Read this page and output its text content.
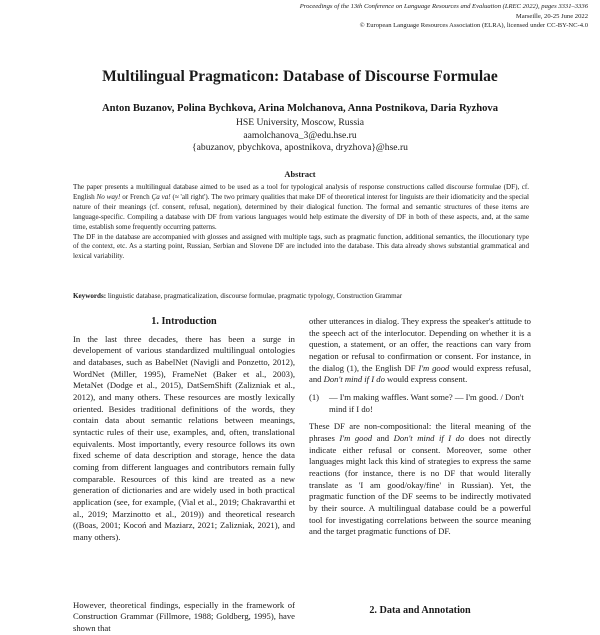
Proceedings of the 13th Conference on Language Resources and Evaluation (LREC 2022), pages 3331–3336
Marseille, 20-25 June 2022
© European Language Resources Association (ELRA), licensed under CC-BY-NC-4.0
Multilingual Pragmaticon: Database of Discourse Formulae
Anton Buzanov, Polina Bychkova, Arina Molchanova, Anna Postnikova, Daria Ryzhova
HSE University, Moscow, Russia
aamolchanova_3@edu.hse.ru
{abuzanov, pbychkova, apostnikova, dryzhova}@hse.ru
Abstract

The paper presents a multilingual database aimed to be used as a tool for typological analysis of response constructions called discourse formulae (DF), cf. English No way! or French Ça va! (≈ 'all right'). The two primary qualities that make DF of theoretical interest for linguists are their idiomaticity and the special nature of their meanings (cf. consent, refusal, negation), determined by their dialogical function. The formal and semantic structures of these items are language-specific. Compiling a database with DF from various languages would help estimate the diversity of DF in both of these aspects, and, at the same time, establish some frequently occurring patterns.

The DF in the database are accompanied with glosses and assigned with multiple tags, such as pragmatic function, additional semantics, the illocutionary type of the context, etc. As a starting point, Russian, Serbian and Slovene DF are included into the database. This data already shows substantial grammatical and lexical variability.

Keywords: linguistic database, pragmaticalization, discourse formulae, pragmatic typology, Construction Grammar
1. Introduction

In the last three decades, there has been a surge in developement of various standardized multilingual ontologies and databases, such as BabelNet (Navigli and Ponzetto, 2012), WordNet (Miller, 1995), FrameNet (Baker et al., 2003), MetaNet (Dodge et al., 2015), DatSemShift (Zalizniak et al., 2012), and many others. These resources are mostly lexically oriented. Besides traditional definitions of the words, they contain data about semantic relations between meanings, syntactic rules of their use, examples, and, often, translational equivalents. Most importantly, every resource follows its own fixed scheme of data description and storage, hence the data coming from different languages and contributors remain fully comparable. Resources of this kind are treated as a new generation of dictionaries and are widely used in both practical application (see, for example, (Vial et al., 2019; Chakravarthi et al., 2019; Marzinotto et al., 2019)) and theoretical research ((Boas, 2001; Kocoń and Maziarz, 2021; Zalizniak, 2021), and many others).

However, theoretical findings, especially in the framework of Construction Grammar (Fillmore, 1988; Goldberg, 1995), have shown that

other utterances in dialog. They express the speaker's attitude to the speech act of the interlocutor. Depending on whether it is a question, a statement, or an offer, the reactions can vary from negation or refusal to confirmation or consent. For instance, in the dialog (1), the English DF I'm good would express refusal, and Don't mind if I do would express consent.

(1)	— I'm making waffles. Want some? — I'm good. / Don't mind if I do!

These DF are non-compositional: the literal meaning of the phrases I'm good and Don't mind if I do does not directly indicate either refusal or consent. Moreover, some other languages might lack this kind of strategies to express the same reactions (for instance, there is no DF that would literally translate as 'I am good/okay/fine' in Russian). Yet, the pragmatic function of the DF seems to be indirectly motivated by their source. A multilingual database could be a powerful tool for investigating correlations between the source meaning and the target pragmatic functions of DF.

2. Data and Annotation
